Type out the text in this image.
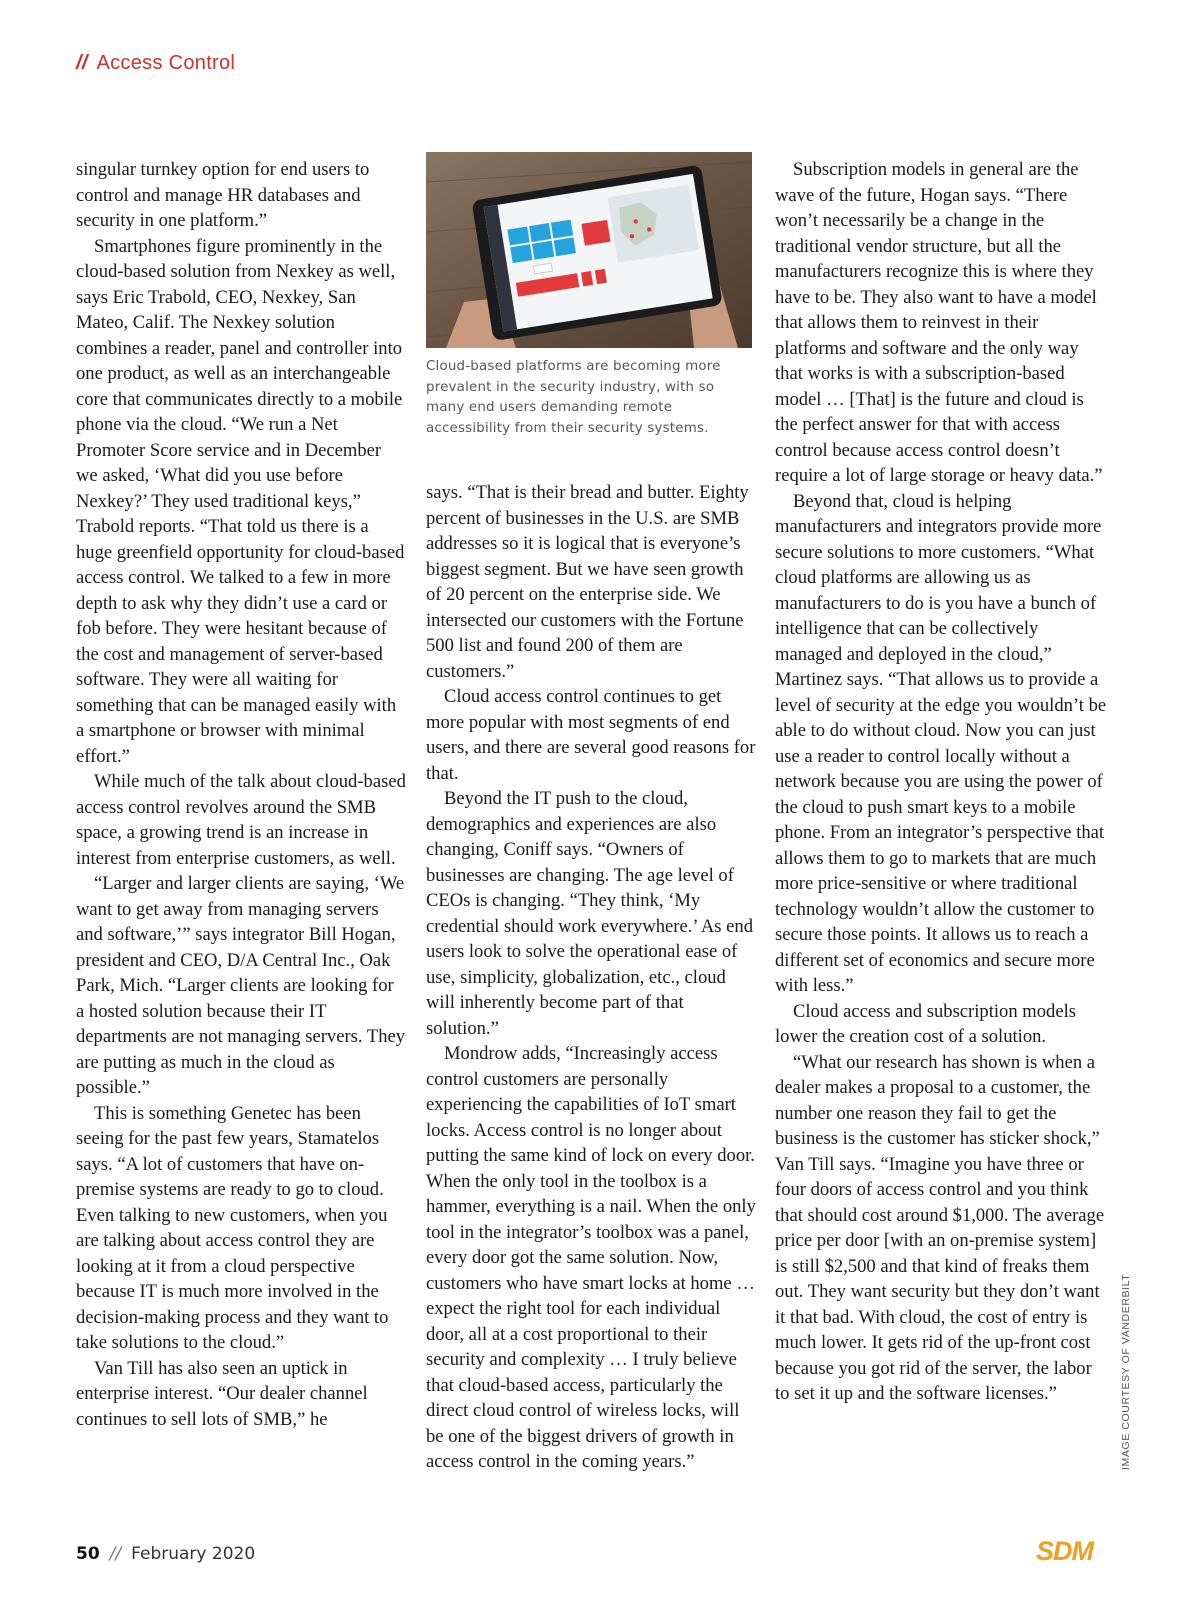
// Access Control

singular turnkey option for end users to control and manage HR databases and security in one platform.”

Smartphones figure prominently in the cloud-based solution from Nexkey as well, says Eric Trabold, CEO, Nexkey, San Mateo, Calif. The Nexkey solution combines a reader, panel and controller into one product, as well as an interchangeable core that communicates directly to a mobile phone via the cloud. “We run a Net Promoter Score service and in December we asked, ‘What did you use before Nexkey?’ They used traditional keys,” Trabold reports. “That told us there is a huge greenfield opportunity for cloud-based access control. We talked to a few in more depth to ask why they didn’t use a card or fob before. They were hesitant because of the cost and management of server-based software. They were all waiting for something that can be managed easily with a smartphone or browser with minimal effort.”

While much of the talk about cloud-based access control revolves around the SMB space, a growing trend is an increase in interest from enterprise customers, as well.

“Larger and larger clients are saying, ‘We want to get away from managing servers and software,’” says integrator Bill Hogan, president and CEO, D/A Central Inc., Oak Park, Mich. “Larger clients are looking for a hosted solution because their IT departments are not managing servers. They are putting as much in the cloud as possible.”

This is something Genetec has been seeing for the past few years, Stamatelos says. “A lot of customers that have on-premise systems are ready to go to cloud. Even talking to new customers, when you are talking about access control they are looking at it from a cloud perspective because IT is much more involved in the decision-making process and they want to take solutions to the cloud.”

Van Till has also seen an uptick in enterprise interest. “Our dealer channel continues to sell lots of SMB,” he

Cloud-based platforms are becoming more prevalent in the security industry, with so many end users demanding remote accessibility from their security systems.

says. “That is their bread and butter. Eighty percent of businesses in the U.S. are SMB addresses so it is logical that is everyone’s biggest segment. But we have seen growth of 20 percent on the enterprise side. We intersected our customers with the Fortune 500 list and found 200 of them are customers.”

Cloud access control continues to get more popular with most segments of end users, and there are several good reasons for that.

Beyond the IT push to the cloud, demographics and experiences are also changing, Coniff says. “Owners of businesses are changing. The age level of CEOs is changing. “They think, ‘My credential should work everywhere.’ As end users look to solve the operational ease of use, simplicity, globalization, etc., cloud will inherently become part of that solution.”

Mondrow adds, “Increasingly access control customers are personally experiencing the capabilities of IoT smart locks. Access control is no longer about putting the same kind of lock on every door. When the only tool in the toolbox is a hammer, everything is a nail. When the only tool in the integrator’s toolbox was a panel, every door got the same solution. Now, customers who have smart locks at home … expect the right tool for each individual door, all at a cost proportional to their security and complexity … I truly believe that cloud-based access, particularly the direct cloud control of wireless locks, will be one of the biggest drivers of growth in access control in the coming years.”

Subscription models in general are the wave of the future, Hogan says. “There won’t necessarily be a change in the traditional vendor structure, but all the manufacturers recognize this is where they have to be. They also want to have a model that allows them to reinvest in their platforms and software and the only way that works is with a subscription-based model … [That] is the future and cloud is the perfect answer for that with access control because access control doesn’t require a lot of large storage or heavy data.”

Beyond that, cloud is helping manufacturers and integrators provide more secure solutions to more customers. “What cloud platforms are allowing us as manufacturers to do is you have a bunch of intelligence that can be collectively managed and deployed in the cloud,” Martinez says. “That allows us to provide a level of security at the edge you wouldn’t be able to do without cloud. Now you can just use a reader to control locally without a network because you are using the power of the cloud to push smart keys to a mobile phone. From an integrator’s perspective that allows them to go to markets that are much more price-sensitive or where traditional technology wouldn’t allow the customer to secure those points. It allows us to reach a different set of economics and secure more with less.”

Cloud access and subscription models lower the creation cost of a solution.

“What our research has shown is when a dealer makes a proposal to a customer, the number one reason they fail to get the business is the customer has sticker shock,” Van Till says. “Imagine you have three or four doors of access control and you think that should cost around $1,000. The average price per door [with an on-premise system] is still $2,500 and that kind of freaks them out. They want security but they don’t want it that bad. With cloud, the cost of entry is much lower. It gets rid of the up-front cost because you got rid of the server, the labor to set it up and the software licenses.”	IMAGE COURTESY OF VANDERBILT
50 // February 2020	SDM
